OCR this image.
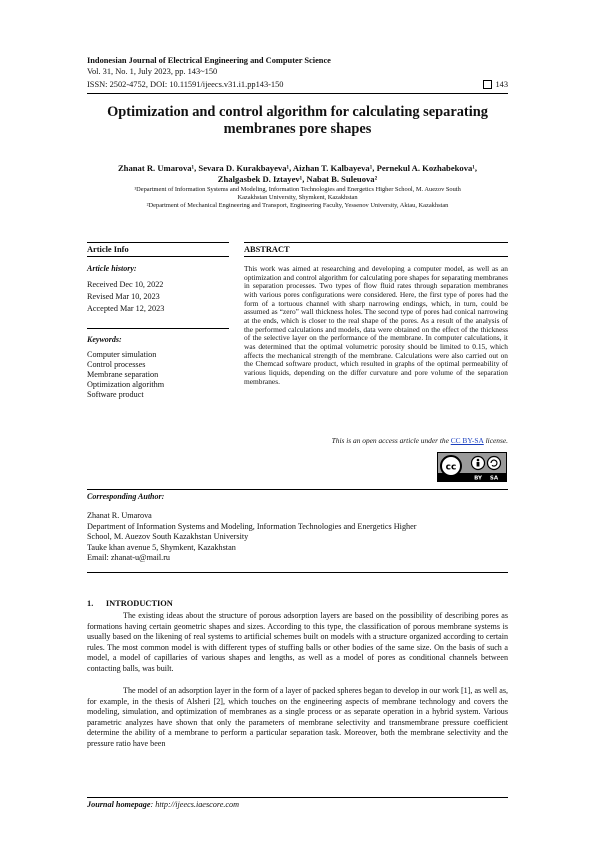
Indonesian Journal of Electrical Engineering and Computer Science
Vol. 31, No. 1, July 2023, pp. 143~150
ISSN: 2502-4752, DOI: 10.11591/ijeecs.v31.i1.pp143-150	143
Optimization and control algorithm for calculating separating
membranes pore shapes
Zhanat R. Umarova¹, Sevara D. Kurakbayeva¹, Aizhan T. Kalbayeva¹, Pernekul A. Kozhabekova¹,
Zhalgasbek D. Iztayev¹, Nabat B. Suleuova²
¹Department of Information Systems and Modeling, Information Technologies and Energetics Higher School, M. Auezov South
Kazakhstan University, Shymkent, Kazakhstan
²Department of Mechanical Engineering and Transport, Engineering Faculty, Yessenov University, Aktau, Kazakhstan
Article Info	ABSTRACT
Article history:
Received Dec 10, 2022
Revised Mar 10, 2023
Accepted Mar 12, 2023
Keywords:
Computer simulation
Control processes
Membrane separation
Optimization algorithm
Software product
This work was aimed at researching and developing a computer model, as well as an optimization and control algorithm for calculating pore shapes for separating membranes in separation processes. Two types of flow fluid rates through separation membranes with various pores configurations were considered. Here, the first type of pores had the form of a tortuous channel with sharp narrowing endings, which, in turn, could be assumed as “zero” wall thickness holes. The second type of pores had conical narrowing at the ends, which is closer to the real shape of the pores. As a result of the analysis of the performed calculations and models, data were obtained on the effect of the thickness of the selective layer on the performance of the membrane. In computer calculations, it was determined that the optimal volumetric porosity should be limited to 0.15, which affects the mechanical strength of the membrane. Calculations were also carried out on the Chemcad software product, which resulted in graphs of the optimal permeability of various liquids, depending on the differ curvature and pore volume of the separation membranes.
This is an open access article under the CC BY-SA license.
cc
BY SA
Corresponding Author:
Zhanat R. Umarova
Department of Information Systems and Modeling, Information Technologies and Energetics Higher
School, M. Auezov South Kazakhstan University
Tauke khan avenue 5, Shymkent, Kazakhstan
Email: zhanat-u@mail.ru
1.      INTRODUCTION
The existing ideas about the structure of porous adsorption layers are based on the possibility of describing pores as formations having certain geometric shapes and sizes. According to this type, the classification of porous membrane systems is usually based on the likening of real systems to artificial schemes built on models with a structure organized according to certain rules. The most common model is with different types of stuffing balls or other bodies of the same size. On the basis of such a model, a model of capillaries of various shapes and lengths, as well as a model of pores as conditional channels between contacting balls, was built.
The model of an adsorption layer in the form of a layer of packed spheres began to develop in our work [1], as well as, for example, in the thesis of Alsheri [2], which touches on the engineering aspects of membrane technology and covers the modeling, simulation, and optimization of membranes as a single process or as separate operation in a hybrid system. Various parametric analyzes have shown that only the parameters of membrane selectivity and transmembrane pressure coefficient determine the ability of a membrane to perform a particular separation task. Moreover, both the membrane selectivity and the pressure ratio have been
Journal homepage: http://ijeecs.iaescore.com
